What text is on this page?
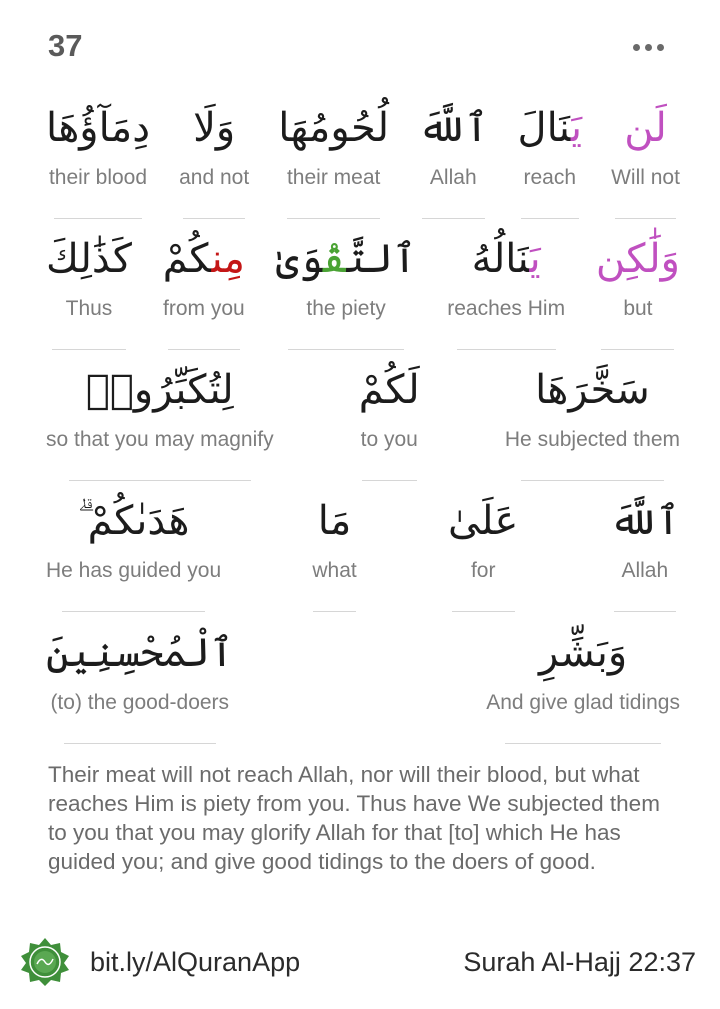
37
لَن
Will not
يَنَالَ
reach
ٱللَّهَ
Allah
لُحُومُهَا
their meat
وَلَا
and not
دِمَآؤُهَا
their blood
وَلَٰكِن
but
يَنَالُهُ
reaches Him
ٱلتَّقْوَىٰ
the piety
مِنكُمْ
from you
كَذَٰلِكَ
Thus
سَخَّرَهَا
He subjected them
لَكُمْ
to you
لِتُكَبِّرُوا۟
so that you may magnify
ٱللَّهَ
Allah
عَلَىٰ
for
مَا
what
هَدَىٰكُمْ ۗ
He has guided you
وَبَشِّرِ
And give glad tidings
ٱلْمُحْسِنِينَ
(to) the good-doers

Their meat will not reach Allah, nor will their blood, but what reaches Him is piety from you. Thus have We subjected them to you that you may glorify Allah for that [to] which He has guided you; and give good tidings to the doers of good.

bit.ly/AlQuranApp	Surah Al-Hajj 22:37
